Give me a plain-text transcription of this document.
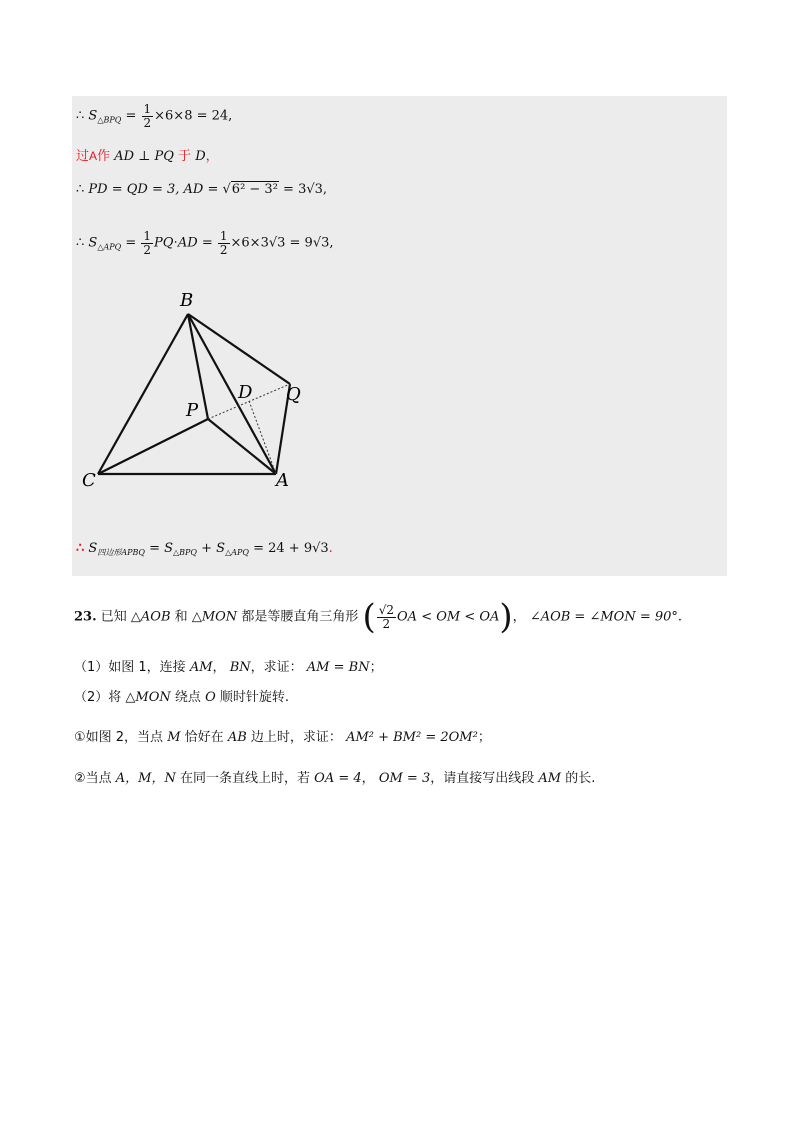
∴ $S_{\triangle BPQ} = \frac{1}{2} \times 6\times 8 = 24$,
过A作 AD ⊥ PQ 于 D，
∴ PD = QD = 3, AD = √6² − 3² = 3√3,
∴ $S_{\triangle APQ} = \frac{1}{2} PQ\cdot AD = \frac{1}{2} \times 6\times 3√3 = 9√3$,
B
C	A
P
D Q
∴ $S_{四边形APBQ} = S_{\triangle BPQ} + S_{\triangle APQ} = 24 + 9√3$.
23. 已知 △AOB 和 △MON 都是等腰直角三角形 ( $\frac{√2}{2}$ OA < OM < OA)， ∠AOB = ∠MON = 90°.
（1）如图 1，连接 AM， BN，求证： AM = BN；
（2）将 △MON 绕点 O 顺时针旋转.
①如图 2，当点 M 恰好在 AB 边上时，求证： AM² + BM² = 2OM²；
②当点 A，M，N 在同一条直线上时，若 OA = 4， OM = 3，请直接写出线段 AM 的长.
